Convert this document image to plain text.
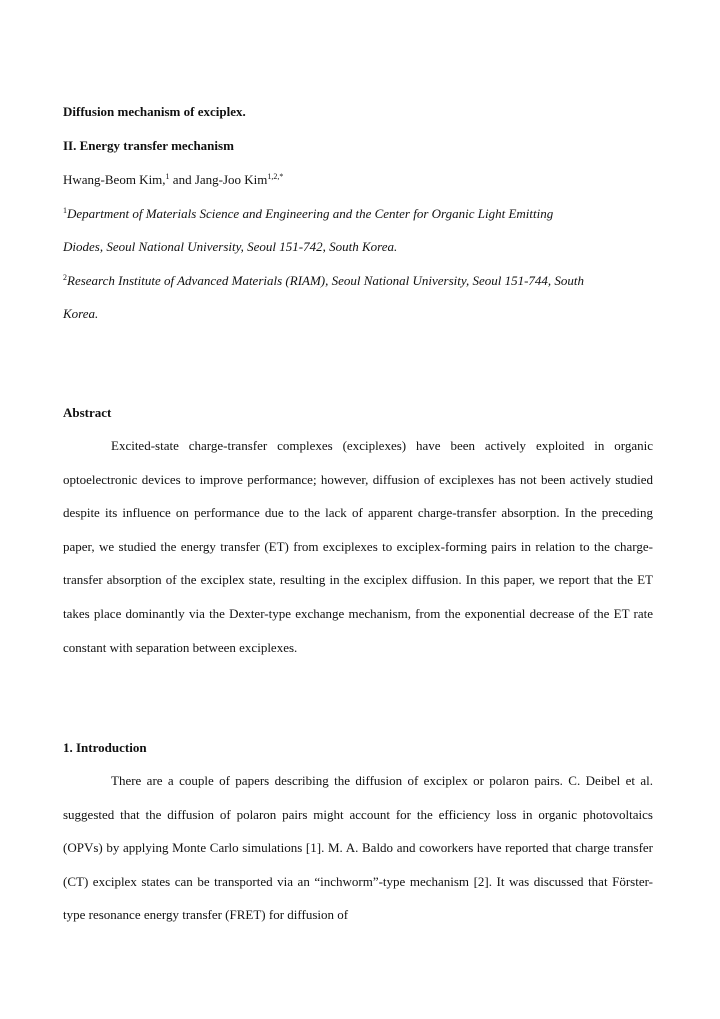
Diffusion mechanism of exciplex.
II. Energy transfer mechanism
Hwang-Beom Kim,$^1$ and Jang-Joo Kim$^{1,2,*}$
$^1$Department of Materials Science and Engineering and the Center for Organic Light Emitting
Diodes, Seoul National University, Seoul 151-742, South Korea.
$^2$Research Institute of Advanced Materials (RIAM), Seoul National University, Seoul 151-744, South
Korea.
Abstract

Excited-state charge-transfer complexes (exciplexes) have been actively exploited in organic optoelectronic devices to improve performance; however, diffusion of exciplexes has not been actively studied despite its influence on performance due to the lack of apparent charge-transfer absorption. In the preceding paper, we studied the energy transfer (ET) from exciplexes to exciplex-forming pairs in relation to the charge-transfer absorption of the exciplex state, resulting in the exciplex diffusion. In this paper, we report that the ET takes place dominantly via the Dexter-type exchange mechanism, from the exponential decrease of the ET rate constant with separation between exciplexes.

1. Introduction

There are a couple of papers describing the diffusion of exciplex or polaron pairs. C. Deibel et al. suggested that the diffusion of polaron pairs might account for the efficiency loss in organic photovoltaics (OPVs) by applying Monte Carlo simulations [1]. M. A. Baldo and coworkers have reported that charge transfer (CT) exciplex states can be transported via an “inchworm”-type mechanism [2]. It was discussed that Förster-type resonance energy transfer (FRET) for diffusion of
